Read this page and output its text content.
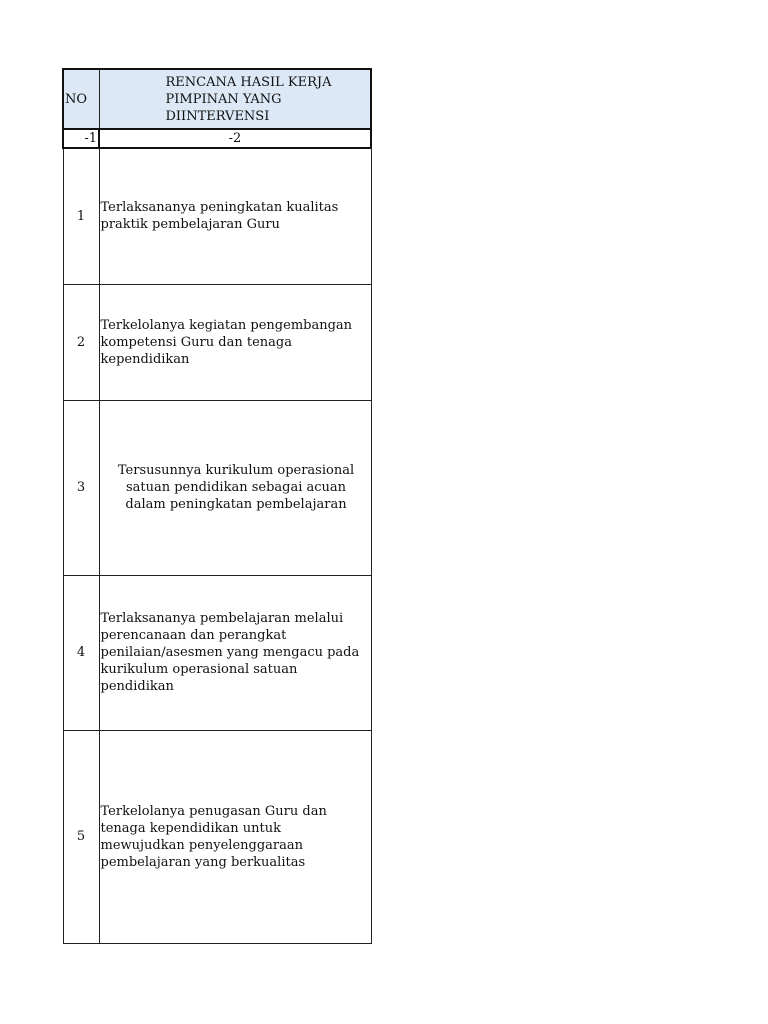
NO	RENCANA HASIL KERJA PIMPINAN YANG DIINTERVENSI
-1	-2
1	Terlaksananya peningkatan kualitas praktik pembelajaran Guru
2	Terkelolanya kegiatan pengembangan kompetensi Guru dan tenaga kependidikan
3	Tersusunnya kurikulum operasional satuan pendidikan sebagai acuan dalam peningkatan pembelajaran
4	Terlaksananya pembelajaran melalui perencanaan dan perangkat penilaian/asesmen yang mengacu pada kurikulum operasional satuan pendidikan
5	Terkelolanya penugasan Guru dan tenaga kependidikan untuk mewujudkan penyelenggaraan pembelajaran yang berkualitas
